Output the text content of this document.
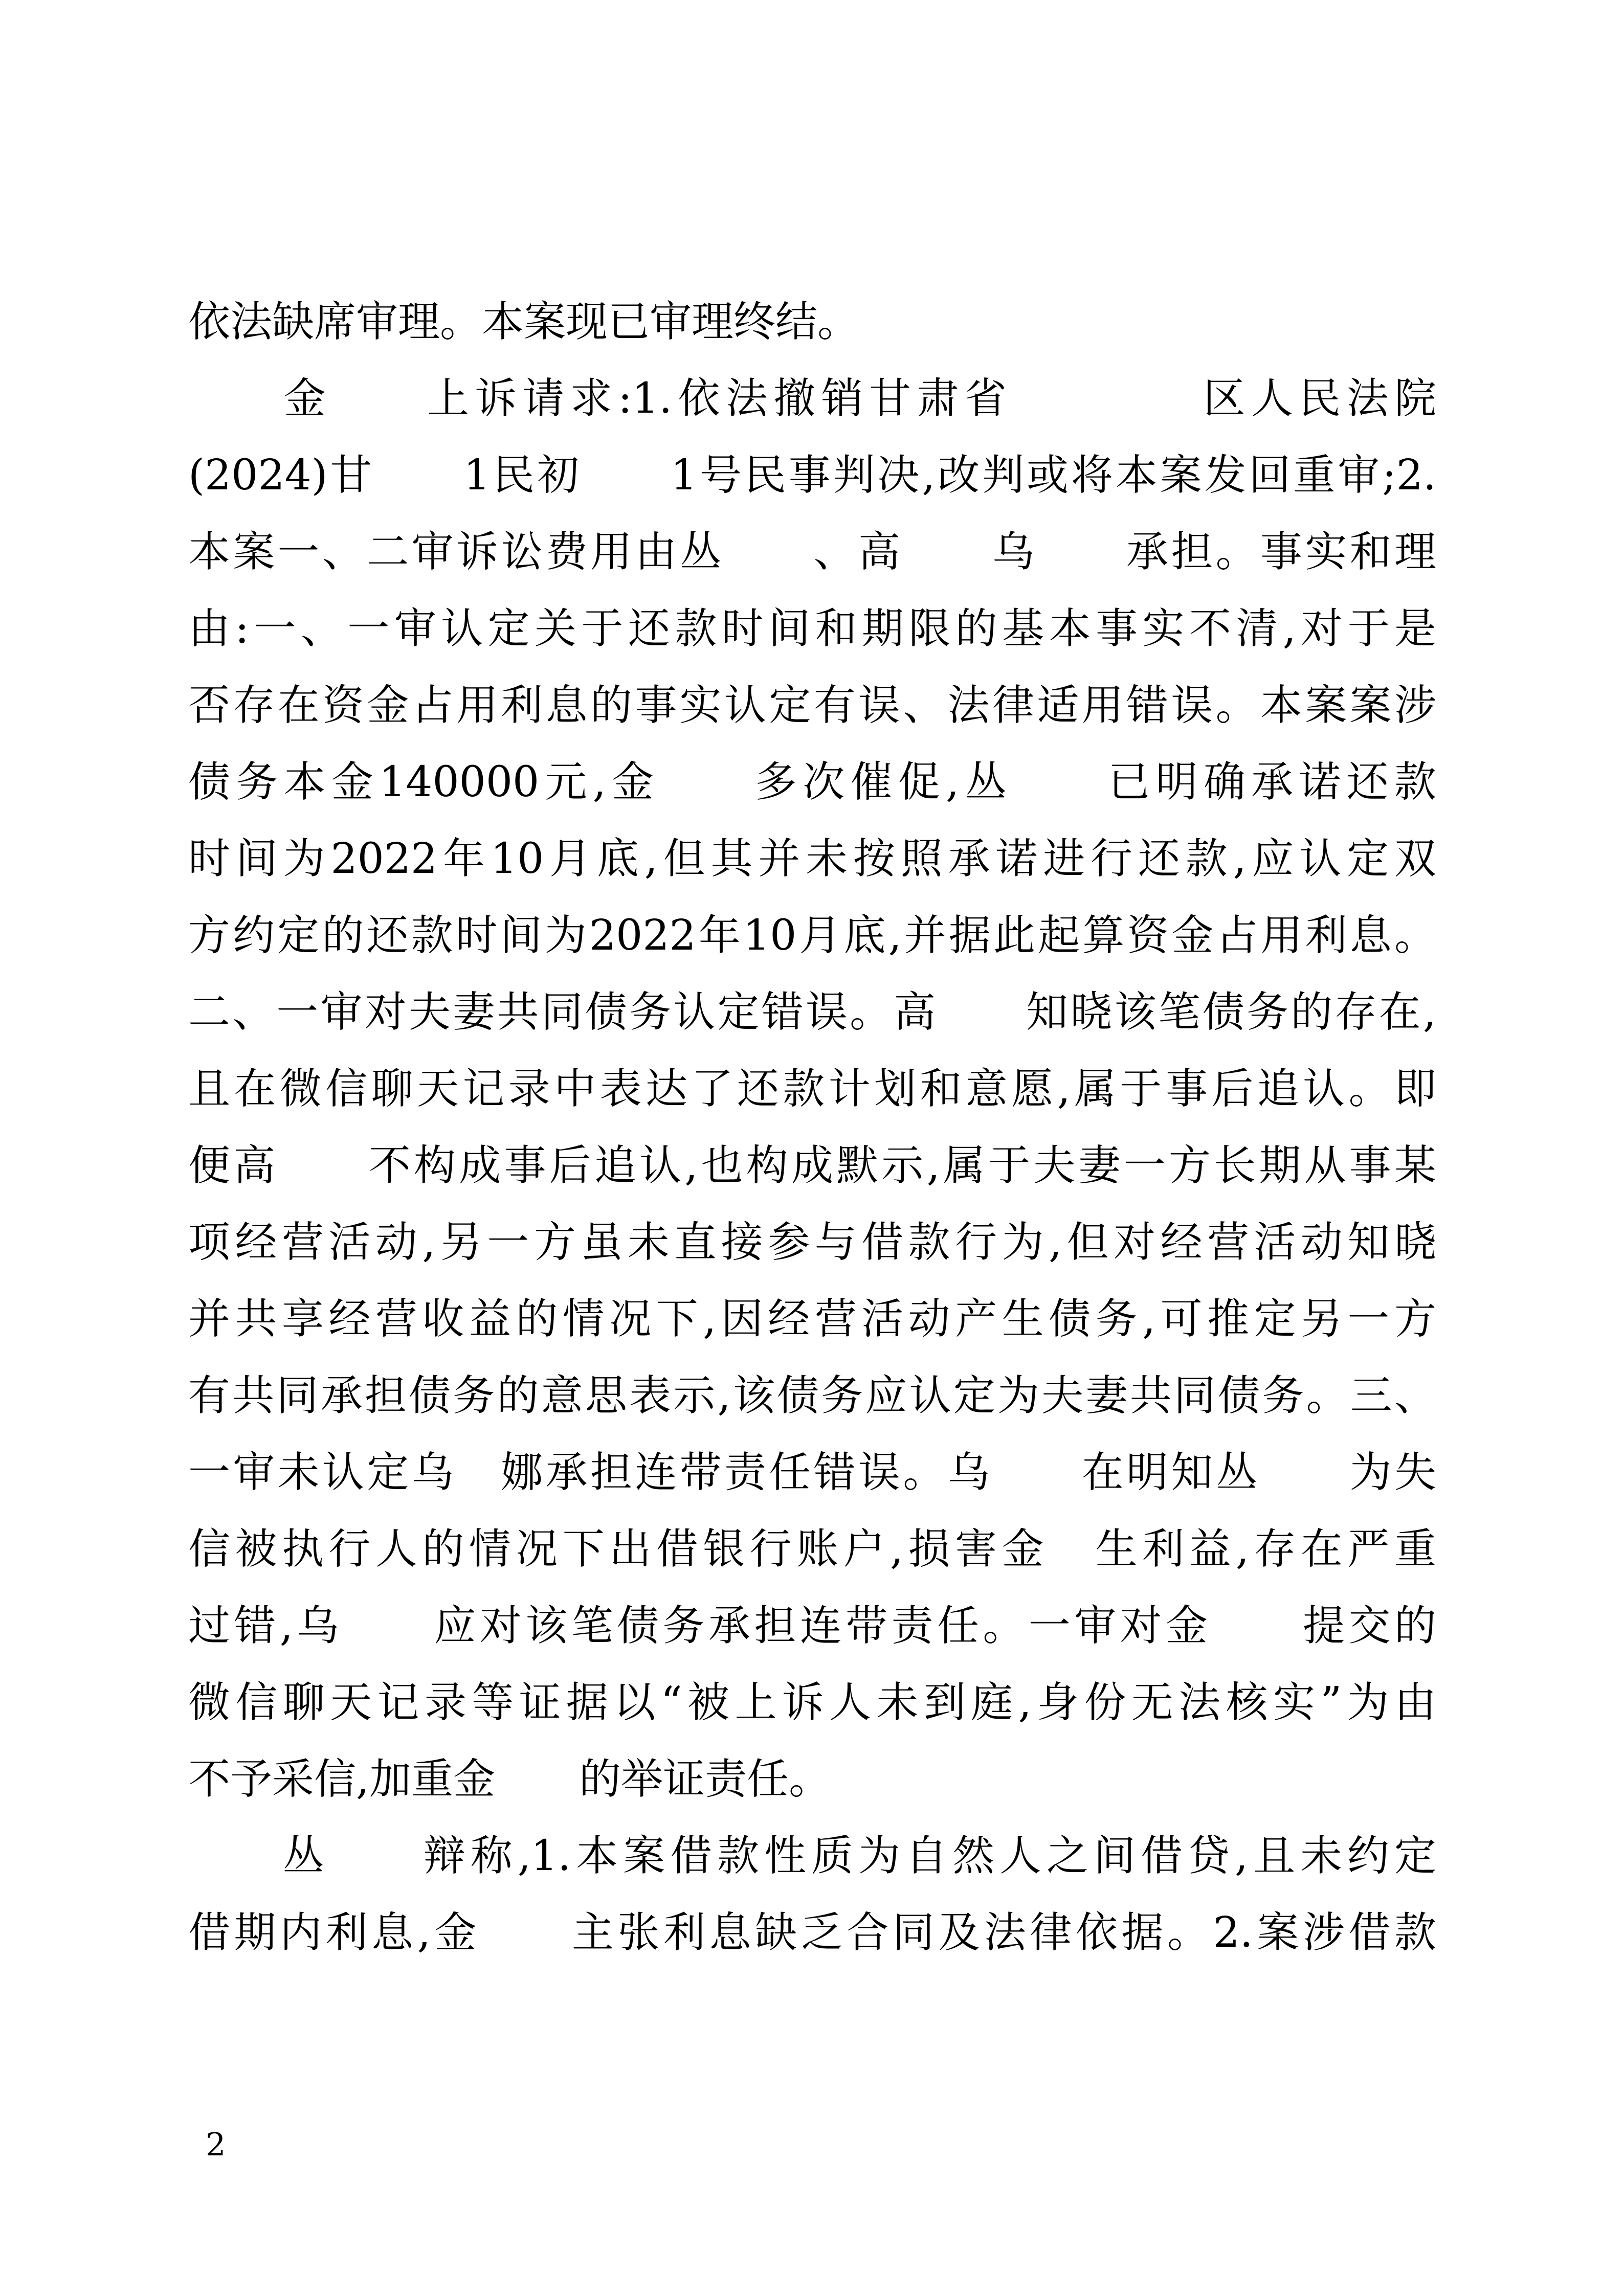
依法缺席审理。本案现已审理终结。
　　金　　上诉请求:1.依法撤销甘肃省　　　　区人民法院
(2024)甘　　1民初　　1号民事判决,改判或将本案发回重审;2.
本案一、二审诉讼费用由丛　　、高　　乌　　承担。事实和理
由:一、一审认定关于还款时间和期限的基本事实不清,对于是
否存在资金占用利息的事实认定有误、法律适用错误。本案案涉
债务本金140000元,金　　多次催促,丛　　已明确承诺还款
时间为2022年10月底,但其并未按照承诺进行还款,应认定双
方约定的还款时间为2022年10月底,并据此起算资金占用利息。
二、一审对夫妻共同债务认定错误。高　　知晓该笔债务的存在,
且在微信聊天记录中表达了还款计划和意愿,属于事后追认。即
便高　　不构成事后追认,也构成默示,属于夫妻一方长期从事某
项经营活动,另一方虽未直接参与借款行为,但对经营活动知晓
并共享经营收益的情况下,因经营活动产生债务,可推定另一方
有共同承担债务的意思表示,该债务应认定为夫妻共同债务。三、
一审未认定乌　娜承担连带责任错误。乌　　在明知丛　　为失
信被执行人的情况下出借银行账户,损害金　生利益,存在严重
过错,乌　　应对该笔债务承担连带责任。一审对金　　提交的
微信聊天记录等证据以“被上诉人未到庭,身份无法核实”为由
不予采信,加重金　　的举证责任。
　　丛　　辩称,1.本案借款性质为自然人之间借贷,且未约定
借期内利息,金　　主张利息缺乏合同及法律依据。2.案涉借款
2
